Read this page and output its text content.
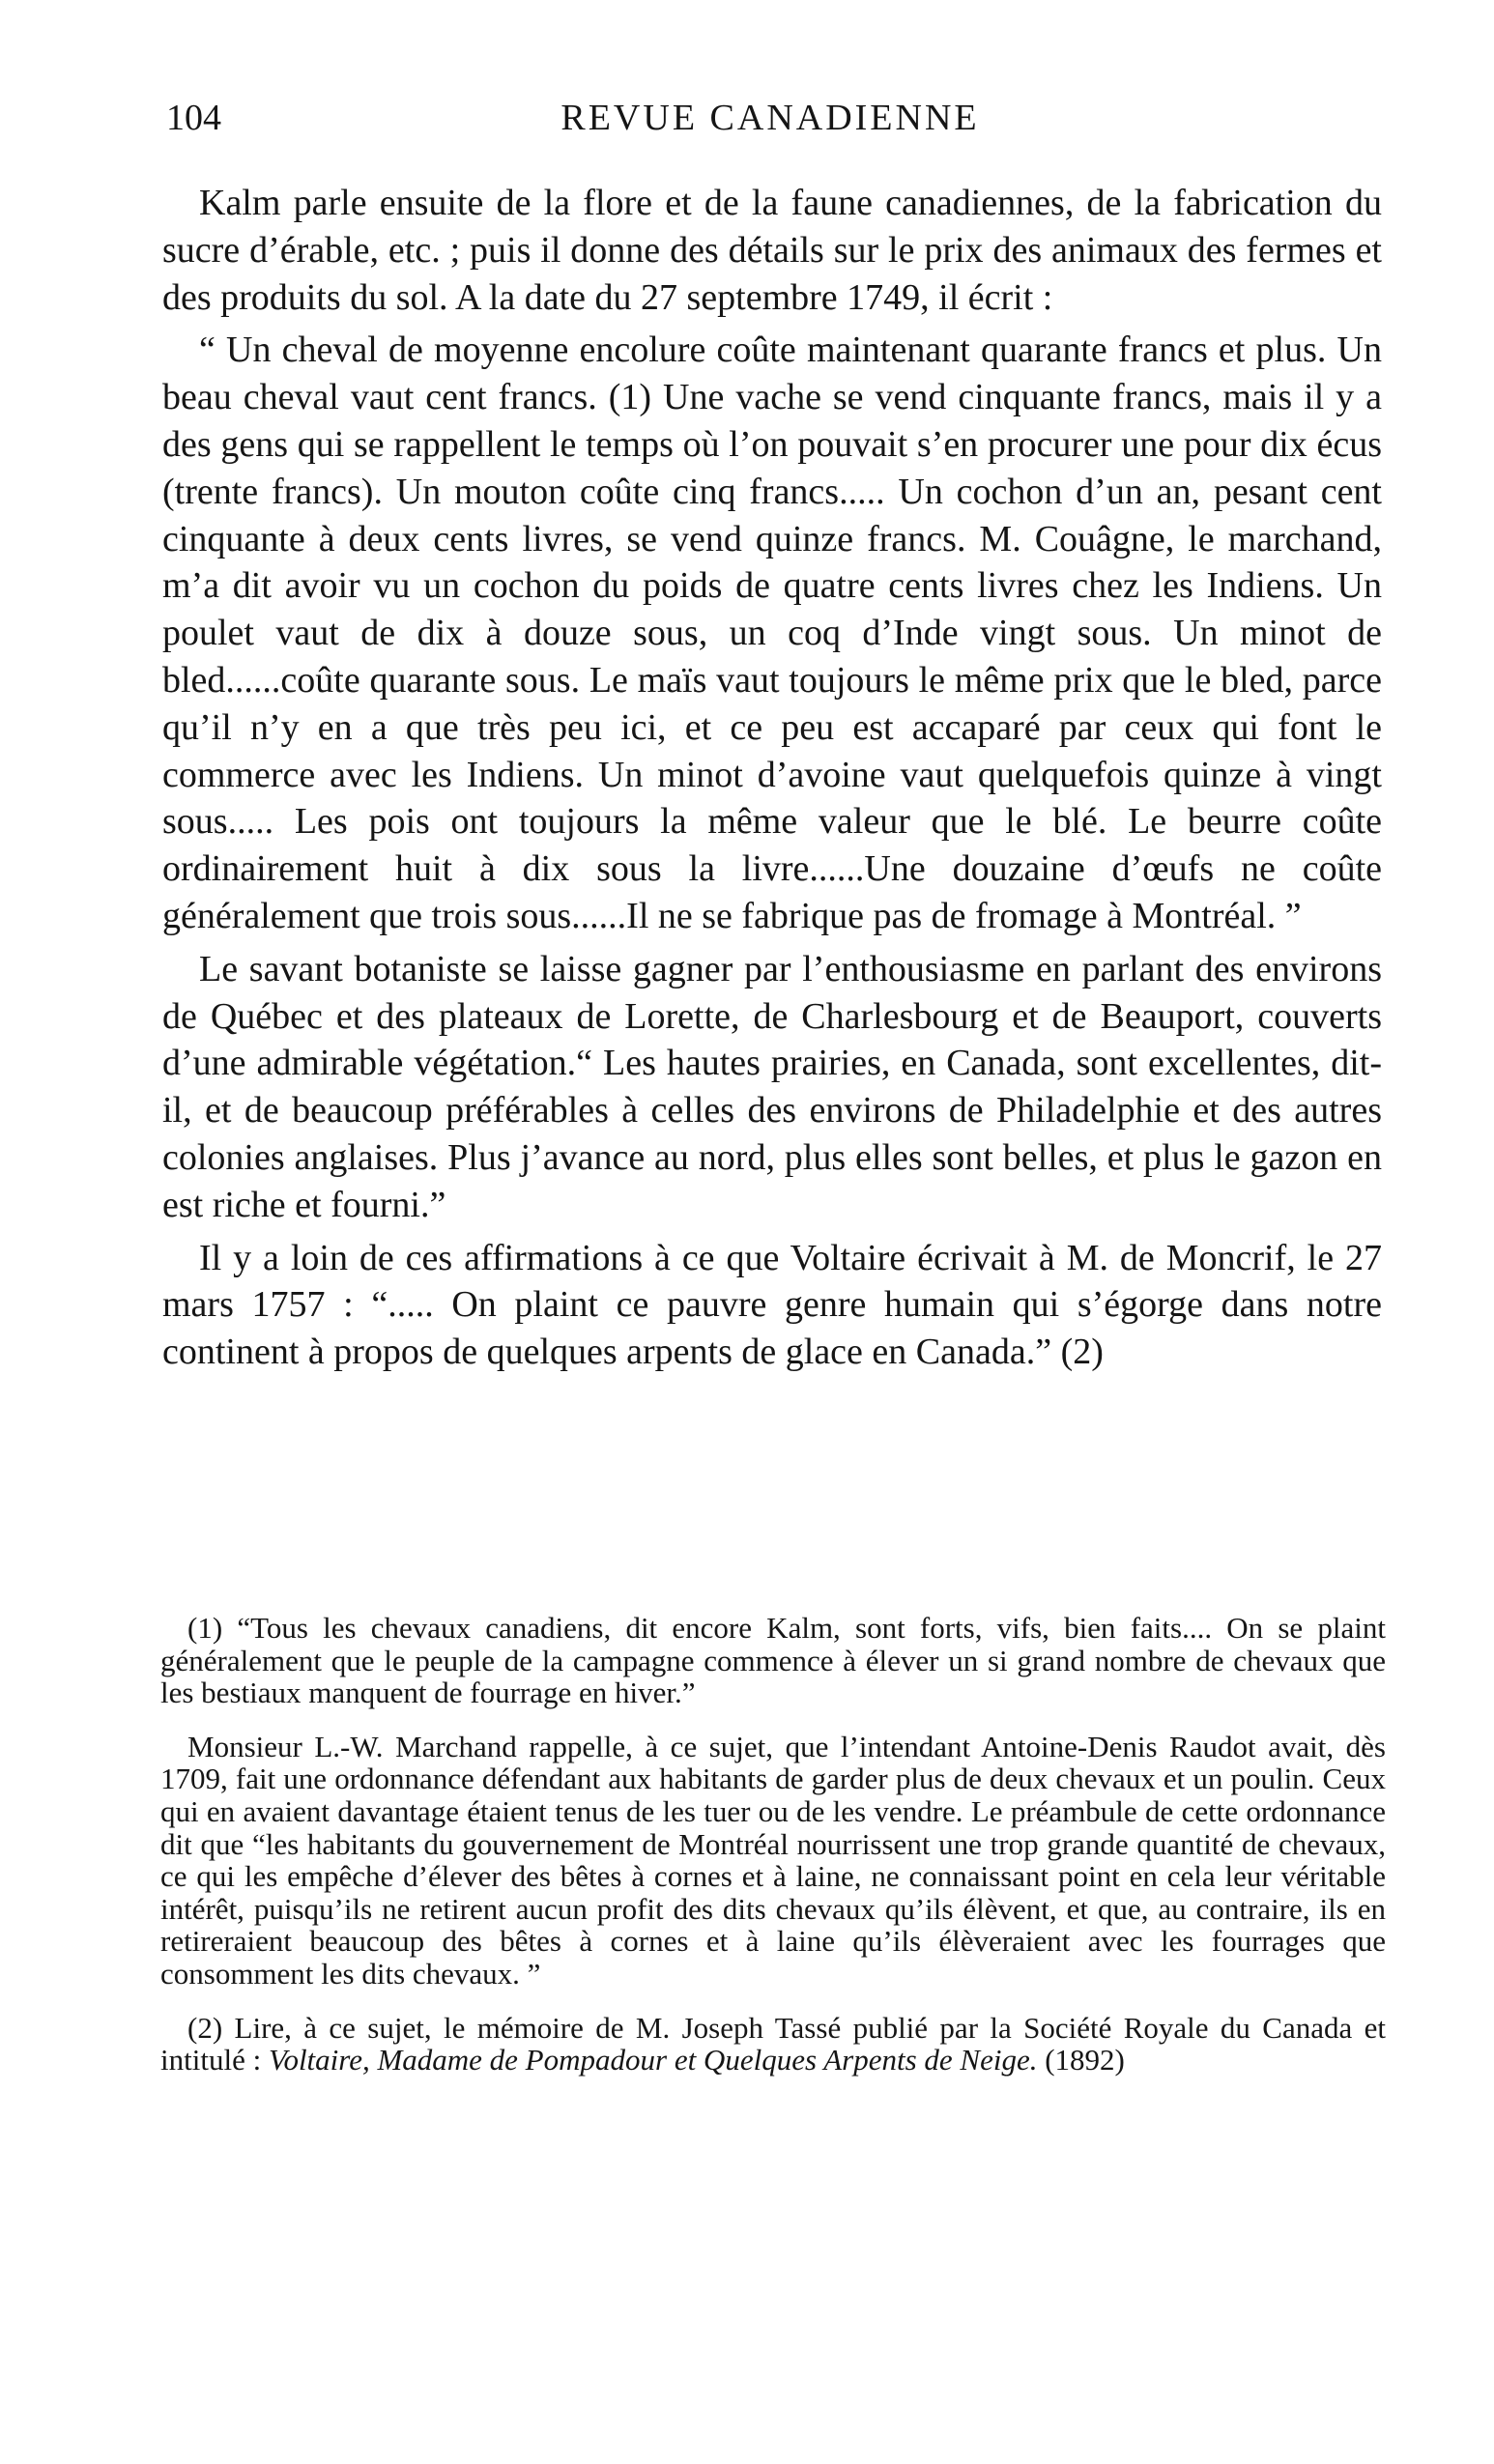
104	REVUE CANADIENNE

Kalm parle ensuite de la flore et de la faune canadiennes, de la fabrication du sucre d’érable, etc. ; puis il donne des détails sur le prix des animaux des fermes et des produits du sol. A la date du 27 septembre 1749, il écrit :

“ Un cheval de moyenne encolure coûte maintenant quarante francs et plus. Un beau cheval vaut cent francs. (1) Une vache se vend cinquante francs, mais il y a des gens qui se rappellent le temps où l’on pouvait s’en procurer une pour dix écus (trente francs). Un mouton coûte cinq francs..... Un cochon d’un an, pesant cent cinquante à deux cents livres, se vend quinze francs. M. Couâgne, le marchand, m’a dit avoir vu un cochon du poids de quatre cents livres chez les Indiens. Un poulet vaut de dix à douze sous, un coq d’Inde vingt sous. Un minot de bled......coûte quarante sous. Le maïs vaut toujours le même prix que le bled, parce qu’il n’y en a que très peu ici, et ce peu est accaparé par ceux qui font le commerce avec les Indiens. Un minot d’avoine vaut quelquefois quinze à vingt sous..... Les pois ont toujours la même valeur que le blé. Le beurre coûte ordinairement huit à dix sous la livre......Une douzaine d’œufs ne coûte généralement que trois sous......Il ne se fabrique pas de fromage à Montréal. ”

Le savant botaniste se laisse gagner par l’enthousiasme en parlant des environs de Québec et des plateaux de Lorette, de Charlesbourg et de Beauport, couverts d’une admirable végétation.“ Les hautes prairies, en Canada, sont excellentes, dit-il, et de beaucoup préférables à celles des environs de Philadelphie et des autres colonies anglaises. Plus j’avance au nord, plus elles sont belles, et plus le gazon en est riche et fourni.”

Il y a loin de ces affirmations à ce que Voltaire écrivait à M. de Moncrif, le 27 mars 1757 : “..... On plaint ce pauvre genre humain qui s’égorge dans notre continent à propos de quelques arpents de glace en Canada.” (2)

(1) “Tous les chevaux canadiens, dit encore Kalm, sont forts, vifs, bien faits.... On se plaint généralement que le peuple de la campagne commence à élever un si grand nombre de chevaux que les bestiaux manquent de fourrage en hiver.”

Monsieur L.-W. Marchand rappelle, à ce sujet, que l’intendant Antoine-Denis Raudot avait, dès 1709, fait une ordonnance défendant aux habitants de garder plus de deux chevaux et un poulin. Ceux qui en avaient davantage étaient tenus de les tuer ou de les vendre. Le préambule de cette ordonnance dit que “les habitants du gouvernement de Montréal nourrissent une trop grande quantité de chevaux, ce qui les empêche d’élever des bêtes à cornes et à laine, ne connaissant point en cela leur véritable intérêt, puisqu’ils ne retirent aucun profit des dits chevaux qu’ils élèvent, et que, au contraire, ils en retireraient beaucoup des bêtes à cornes et à laine qu’ils élèveraient avec les fourrages que consomment les dits chevaux. ”

(2) Lire, à ce sujet, le mémoire de M. Joseph Tassé publié par la Société Royale du Canada et intitulé : Voltaire, Madame de Pompadour et Quelques Arpents de Neige. (1892)
